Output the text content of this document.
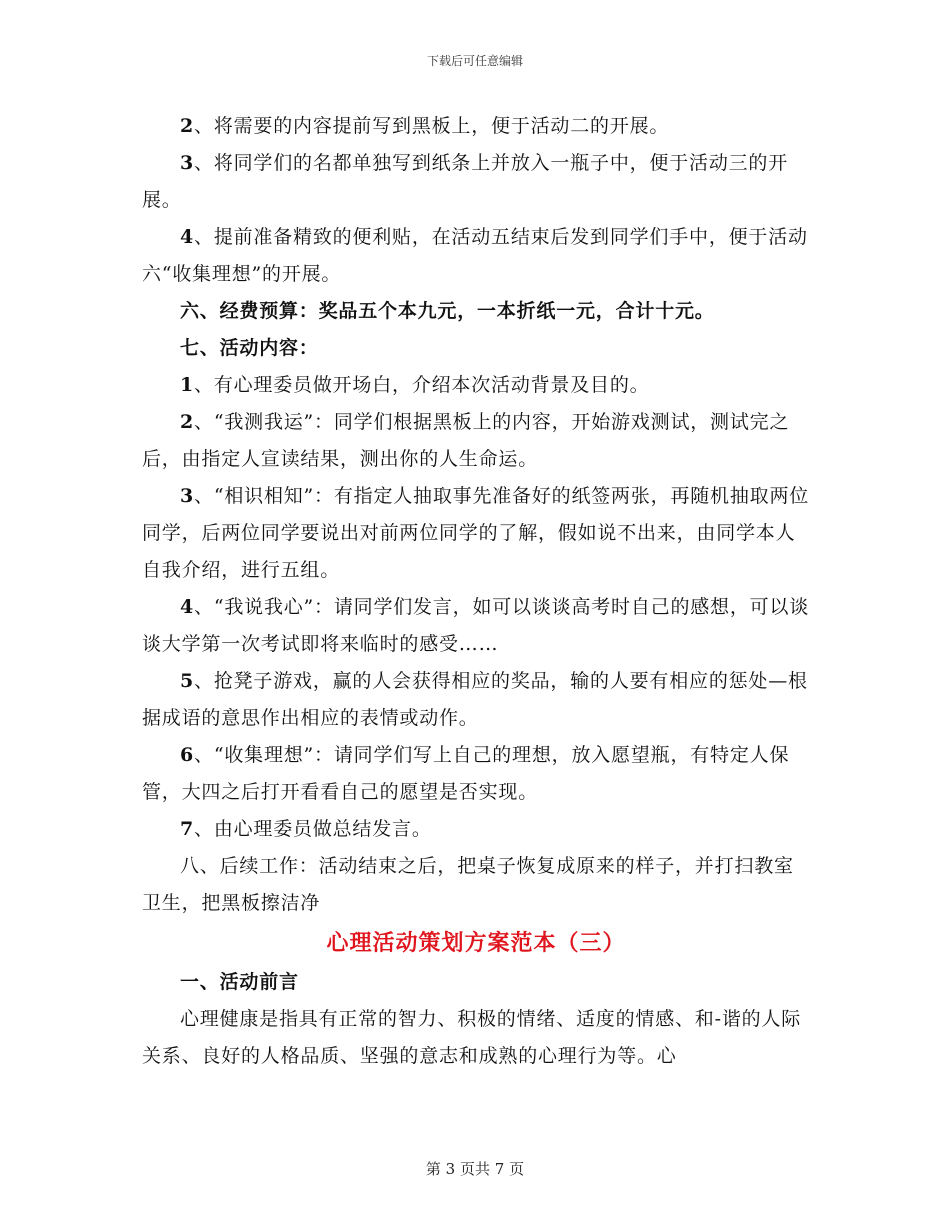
下载后可任意编辑

2、将需要的内容提前写到黑板上，便于活动二的开展。

3、将同学们的名都单独写到纸条上并放入一瓶子中，便于活动三的开展。

4、提前准备精致的便利贴，在活动五结束后发到同学们手中，便于活动六“收集理想”的开展。

六、经费预算：奖品五个本九元，一本折纸一元，合计十元。

七、活动内容：

1、有心理委员做开场白，介绍本次活动背景及目的。

2、“我测我运”：同学们根据黑板上的内容，开始游戏测试，测试完之后，由指定人宣读结果，测出你的人生命运。

3、“相识相知”：有指定人抽取事先准备好的纸签两张，再随机抽取两位同学，后两位同学要说出对前两位同学的了解，假如说不出来，由同学本人自我介绍，进行五组。

4、“我说我心”：请同学们发言，如可以谈谈高考时自己的感想，可以谈谈大学第一次考试即将来临时的感受……

5、抢凳子游戏，赢的人会获得相应的奖品，输的人要有相应的惩处—根据成语的意思作出相应的表情或动作。

6、“收集理想”：请同学们写上自己的理想，放入愿望瓶，有特定人保管，大四之后打开看看自己的愿望是否实现。

7、由心理委员做总结发言。

八、后续工作：活动结束之后，把桌子恢复成原来的样子，并打扫教室卫生，把黑板擦洁净

心理活动策划方案范本（三）

一、活动前言

心理健康是指具有正常的智力、积极的情绪、适度的情感、和-谐的人际关系、良好的人格品质、坚强的意志和成熟的心理行为等。心

第 3 页共 7 页
